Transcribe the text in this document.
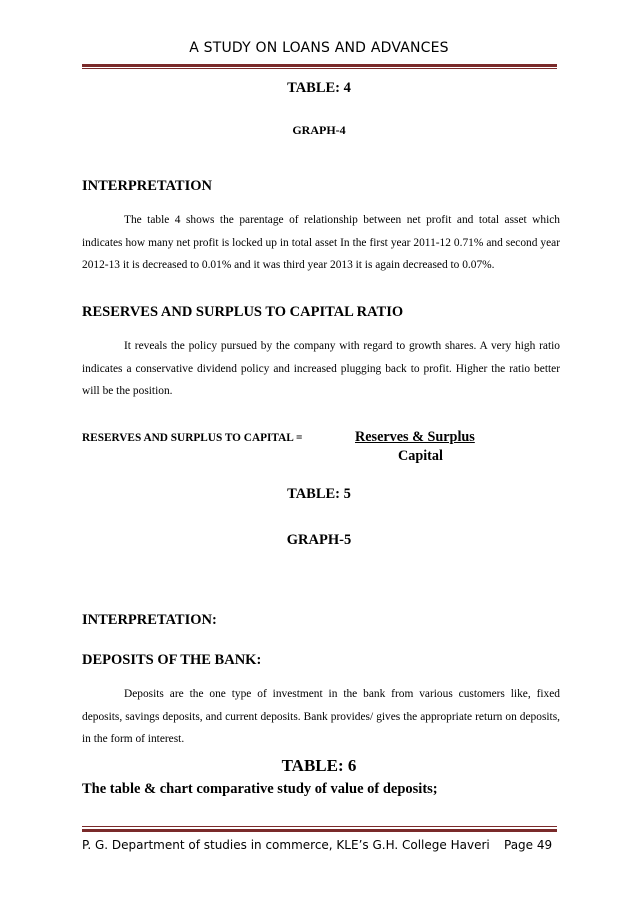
A STUDY ON LOANS AND ADVANCES
TABLE: 4
GRAPH-4
INTERPRETATION
The table 4 shows the parentage of relationship between net profit and total asset which indicates how many net profit is locked up in total asset In the first year 2011-12 0.71% and second year 2012-13 it is decreased to 0.01% and it was third year 2013 it is again decreased to 0.07%.
RESERVES AND SURPLUS TO CAPITAL RATIO
It reveals the policy pursued by the company with regard to growth shares. A very high ratio indicates a conservative dividend policy and increased plugging back to profit. Higher the ratio better will be the position.
RESERVES AND SURPLUS TO CAPITAL =	Reserves & Surplus
Capital
TABLE: 5
GRAPH-5
INTERPRETATION:
DEPOSITS OF THE BANK:
Deposits are the one type of investment in the bank from various customers like, fixed deposits, savings deposits, and current deposits. Bank provides/ gives the appropriate return on deposits, in the form of interest.
TABLE: 6
The table & chart comparative study of value of deposits;
P. G. Department of studies in commerce, KLE’s G.H. College Haveri Page 49
